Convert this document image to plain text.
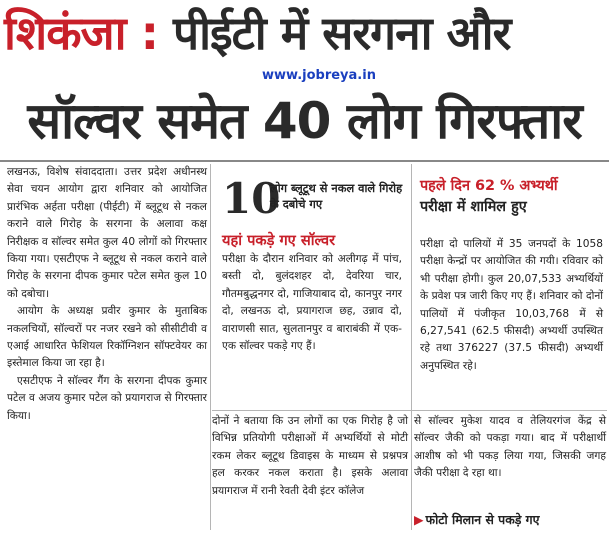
शिकंजा : पीईटी में सरगना और
www.jobreya.in
सॉल्वर समेत 40 लोग गिरफ्तार

लखनऊ, विशेष संवाददाता। उत्तर प्रदेश अधीनस्थ सेवा चयन आयोग द्वारा शनिवार को आयोजित प्रारंभिक अर्हता परीक्षा (पीईटी) में ब्लूटूथ से नकल कराने वाले गिरोह के सरगना के अलावा कक्ष निरीक्षक व सॉल्वर समेत कुल 40 लोगों को गिरफ्तार किया गया। एसटीएफ ने ब्लूटूथ से नकल कराने वाले गिरोह के सरगना दीपक कुमार पटेल समेत कुल 10 को दबोचा।

आयोग के अध्यक्ष प्रवीर कुमार के मुताबिक नकलचियों, सॉल्वरों पर नजर रखने को सीसीटीवी व एआई आधारित फेशियल रिकॉग्निशन सॉफ्टवेयर का इस्तेमाल किया जा रहा है।

एसटीएफ ने सॉल्वर गैंग के सरगना दीपक कुमार पटेल व अजय कुमार पटेल को प्रयागराज से गिरफ्तार किया।

10
लोग ब्लूटूथ से नकल वाले गिरोह के दबोचे गए
यहां पकड़े गए सॉल्वर

परीक्षा के दौरान शनिवार को अलीगढ़ में पांच, बस्ती दो, बुलंदशहर दो, देवरिया चार, गौतमबुद्धनगर दो, गाजियाबाद दो, कानपुर नगर दो, लखनऊ दो, प्रयागराज छह, उन्नाव दो, वाराणसी सात, सुलतानपुर व बाराबंकी में एक-एक सॉल्वर पकड़े गए हैं।

दोनों ने बताया कि उन लोगों का एक गिरोह है जो विभिन्न प्रतियोगी परीक्षाओं में अभ्यर्थियों से मोटी रकम लेकर ब्लूटूथ डिवाइस के माध्यम से प्रश्नपत्र हल करकर नकल कराता है। इसके अलावा प्रयागराज में रानी रेवती देवी इंटर कॉलेज

पहले दिन 62 % अभ्यर्थी
परीक्षा में शामिल हुए

परीक्षा दो पालियों में 35 जनपदों के 1058 परीक्षा केन्द्रों पर आयोजित की गयी। रविवार को भी परीक्षा होगी। कुल 20,07,533 अभ्यर्थियों के प्रवेश पत्र जारी किए गए हैं। शनिवार को दोनों पालियों में पंजीकृत 10,03,768 में से 6,27,541 (62.5 फीसदी) अभ्यर्थी उपस्थित रहे तथा 376227 (37.5 फीसदी) अभ्यर्थी अनुपस्थित रहे।

से सॉल्वर मुकेश यादव व तेलियरगंज केंद्र से सॉल्वर जैकी को पकड़ा गया। बाद में परीक्षार्थी आशीष को भी पकड़ लिया गया, जिसकी जगह जैकी परीक्षा दे रहा था।

▶ फोटो मिलान से पकड़े गए
